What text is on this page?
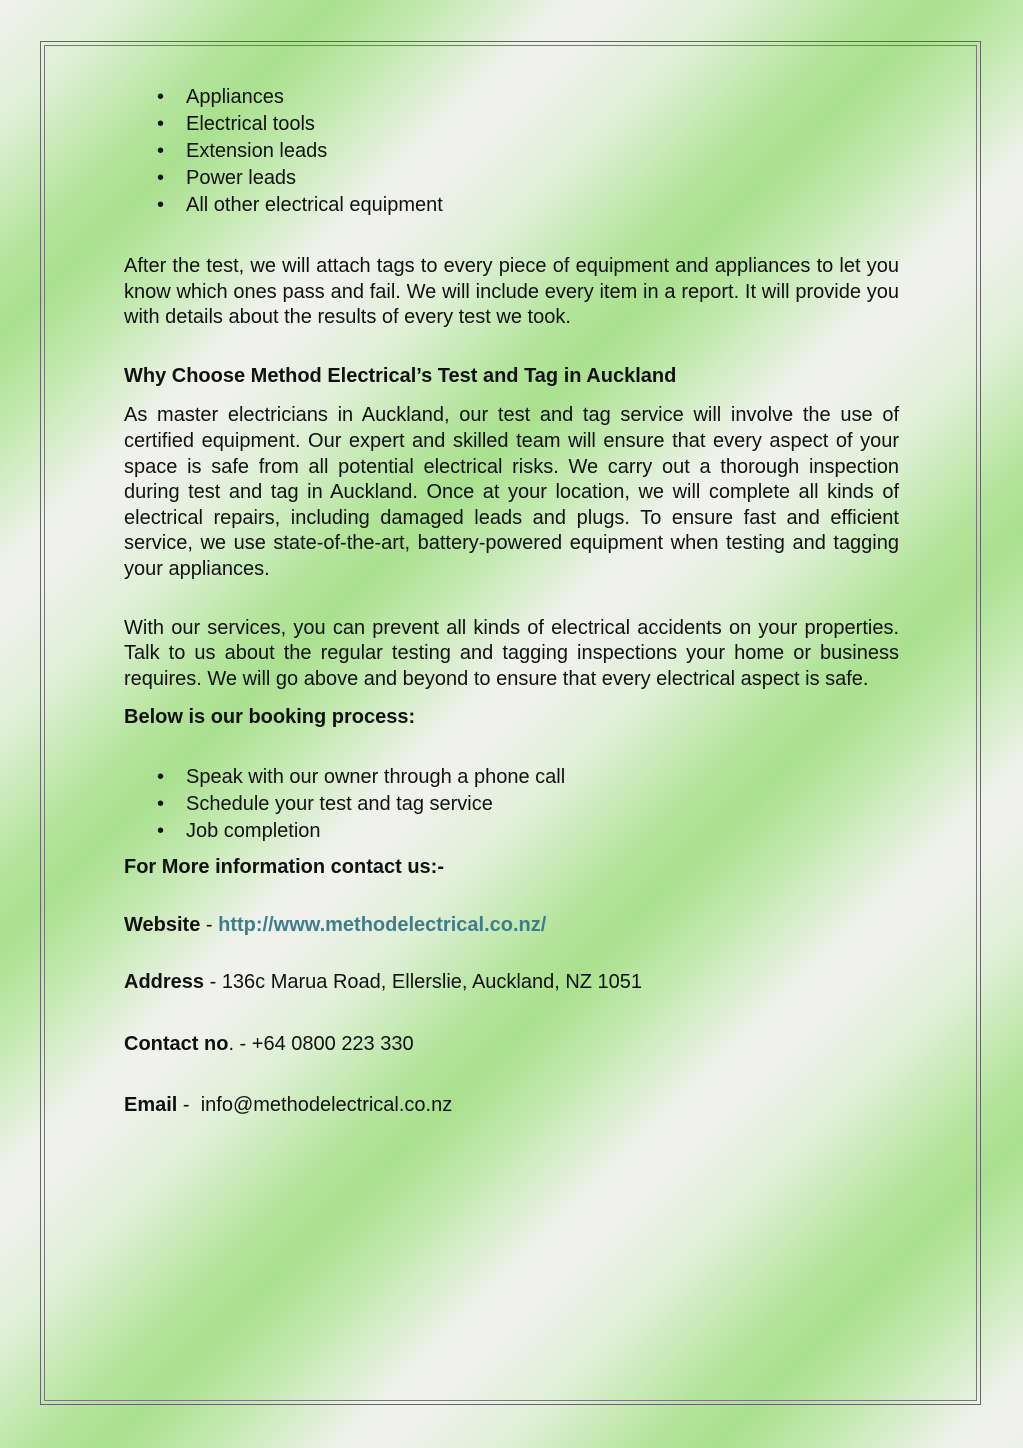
• Appliances
• Electrical tools
• Extension leads
• Power leads
• All other electrical equipment

After the test, we will attach tags to every piece of equipment and appliances to let you know which ones pass and fail. We will include every item in a report. It will provide you with details about the results of every test we took.

Why Choose Method Electrical’s Test and Tag in Auckland

As master electricians in Auckland, our test and tag service will involve the use of certified equipment. Our expert and skilled team will ensure that every aspect of your space is safe from all potential electrical risks. We carry out a thorough inspection during test and tag in Auckland. Once at your location, we will complete all kinds of electrical repairs, including damaged leads and plugs. To ensure fast and efficient service, we use state-of-the-art, battery-powered equipment when testing and tagging your appliances.

With our services, you can prevent all kinds of electrical accidents on your properties. Talk to us about the regular testing and tagging inspections your home or business requires. We will go above and beyond to ensure that every electrical aspect is safe.

Below is our booking process:

• Speak with our owner through a phone call
• Schedule your test and tag service
• Job completion

For More information contact us:-

Website - http://www.methodelectrical.co.nz/

Address - 136c Marua Road, Ellerslie, Auckland, NZ 1051

Contact no. - +64 0800 223 330

Email -  info@methodelectrical.co.nz
